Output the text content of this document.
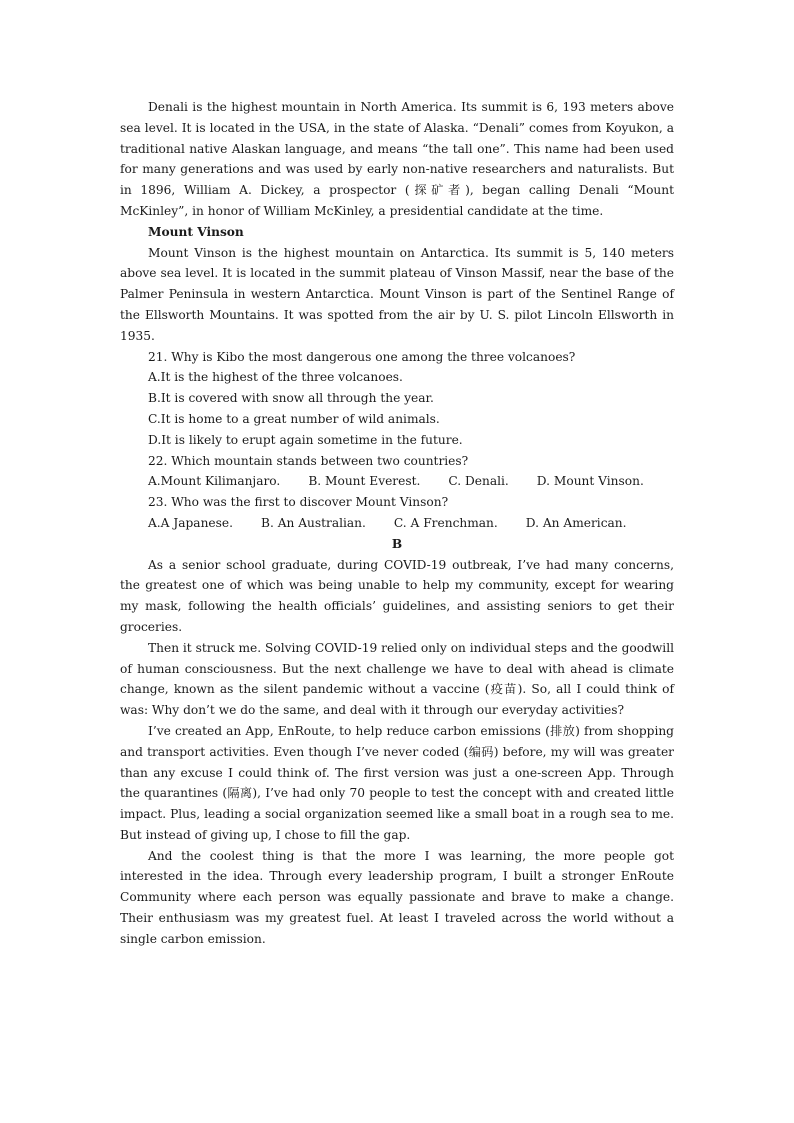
Denali is the highest mountain in North America. Its summit is 6, 193 meters above sea level. It is located in the USA, in the state of Alaska. “Denali” comes from Koyukon, a traditional native Alaskan language, and means “the tall one”. This name had been used for many generations and was used by early non-native researchers and naturalists. But in 1896, William A. Dickey, a prospector (探矿者), began calling Denali “Mount McKinley”, in honor of William McKinley, a presidential candidate at the time.

Mount Vinson

Mount Vinson is the highest mountain on Antarctica. Its summit is 5, 140 meters above sea level. It is located in the summit plateau of Vinson Massif, near the base of the Palmer Peninsula in western Antarctica. Mount Vinson is part of the Sentinel Range of the Ellsworth Mountains. It was spotted from the air by U. S. pilot Lincoln Ellsworth in 1935.

21. Why is Kibo the most dangerous one among the three volcanoes?

A.It is the highest of the three volcanoes.

B.It is covered with snow all through the year.

C.It is home to a great number of wild animals.

D.It is likely to erupt again sometime in the future.

22. Which mountain stands between two countries?

A.Mount Kilimanjaro. B. Mount Everest. C. Denali. D. Mount Vinson.

23. Who was the first to discover Mount Vinson?

A.A Japanese. B. An Australian. C. A Frenchman. D. An American.

B

As a senior school graduate, during COVID-19 outbreak, I’ve had many concerns, the greatest one of which was being unable to help my community, except for wearing my mask, following the health officials’ guidelines, and assisting seniors to get their groceries.

Then it struck me. Solving COVID-19 relied only on individual steps and the goodwill of human consciousness. But the next challenge we have to deal with ahead is climate change, known as the silent pandemic without a vaccine (疫苗). So, all I could think of was: Why don’t we do the same, and deal with it through our everyday activities?

I’ve created an App, EnRoute, to help reduce carbon emissions (排放) from shopping and transport activities. Even though I’ve never coded (编码) before, my will was greater than any excuse I could think of. The first version was just a one-screen App. Through the quarantines (隔离), I’ve had only 70 people to test the concept with and created little impact. Plus, leading a social organization seemed like a small boat in a rough sea to me. But instead of giving up, I chose to fill the gap.

And the coolest thing is that the more I was learning, the more people got interested in the idea. Through every leadership program, I built a stronger EnRoute Community where each person was equally passionate and brave to make a change. Their enthusiasm was my greatest fuel. At least I traveled across the world without a single carbon emission.
